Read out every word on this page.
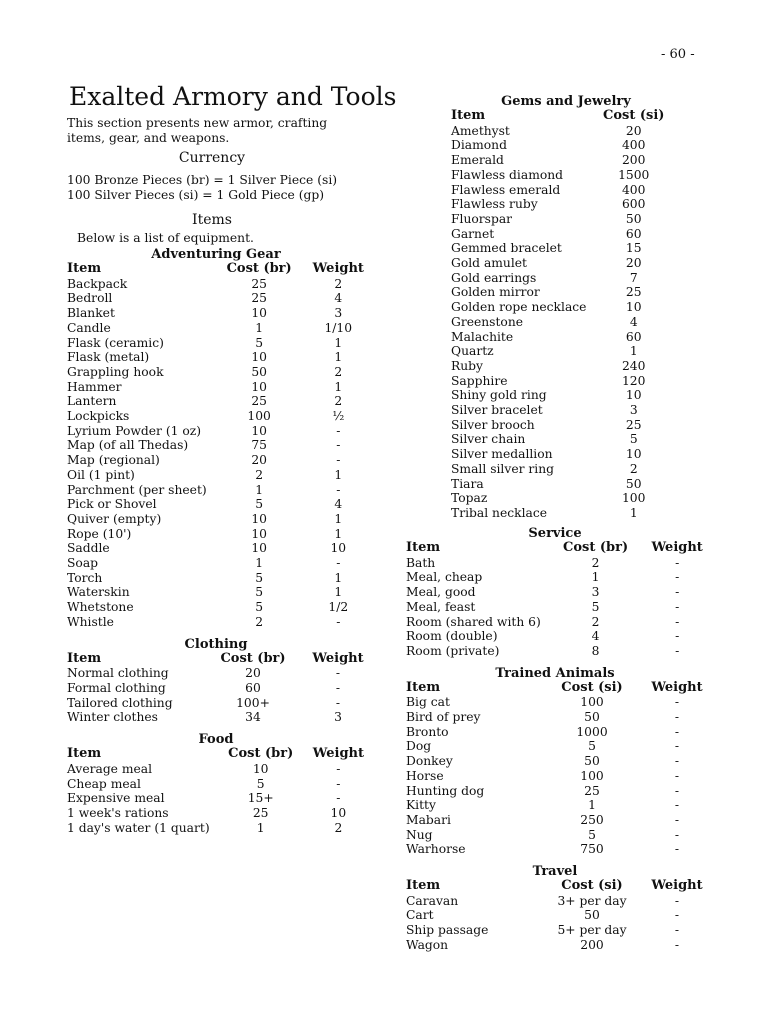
- 60 -
Exalted Armory and Tools

This section presents new armor, crafting items, gear, and weapons.

Currency

100 Bronze Pieces (br) = 1 Silver Piece (si)

100 Silver Pieces (si) = 1 Gold Piece (gp)

Items

Below is a list of equipment.

Adventuring Gear		
Item	Cost (br)	Weight
Backpack	25	2
Bedroll	25	4
Blanket	10	3
Candle	1	1/10
Flask (ceramic)	5	1
Flask (metal)	10	1
Grappling hook	50	2
Hammer	10	1
Lantern	25	2
Lockpicks	100	½
Lyrium Powder (1 oz)	10	-
Map (of all Thedas)	75	-
Map (regional)	20	-
Oil (1 pint)	2	1
Parchment (per sheet)	1	-
Pick or Shovel	5	4
Quiver (empty)	10	1
Rope (10')	10	1
Saddle	10	10
Soap	1	-
Torch	5	1
Waterskin	5	1
Whetstone	5	1/2
Whistle	2	-
Clothing		
Item	Cost (br)	Weight
Normal clothing	20	-
Formal clothing	60	-
Tailored clothing	100+	-
Winter clothes	34	3
Food		
Item	Cost (br)	Weight
Average meal	10	-
Cheap meal	5	-
Expensive meal	15+	-
1 week's rations	25	10
1 day's water (1 quart)	1	2
Gems and Jewelry	
Item	Cost (si)
Amethyst	20
Diamond	400
Emerald	200
Flawless diamond	1500
Flawless emerald	400
Flawless ruby	600
Fluorspar	50
Garnet	60
Gemmed bracelet	15
Gold amulet	20
Gold earrings	7
Golden mirror	25
Golden rope necklace	10
Greenstone	4
Malachite	60
Quartz	1
Ruby	240
Sapphire	120
Shiny gold ring	10
Silver bracelet	3
Silver brooch	25
Silver chain	5
Silver medallion	10
Small silver ring	2
Tiara	50
Topaz	100
Tribal necklace	1
Service		
Item	Cost (br)	Weight
Bath	2	-
Meal, cheap	1	-
Meal, good	3	-
Meal, feast	5	-
Room (shared with 6)	2	-
Room (double)	4	-
Room (private)	8	-
Trained Animals		
Item	Cost (si)	Weight
Big cat	100	-
Bird of prey	50	-
Bronto	1000	-
Dog	5	-
Donkey	50	-
Horse	100	-
Hunting dog	25	-
Kitty	1	-
Mabari	250	-
Nug	5	-
Warhorse	750	-
Travel		
Item	Cost (si)	Weight
Caravan	3+ per day	-
Cart	50	-
Ship passage	5+ per day	-
Wagon	200	-
